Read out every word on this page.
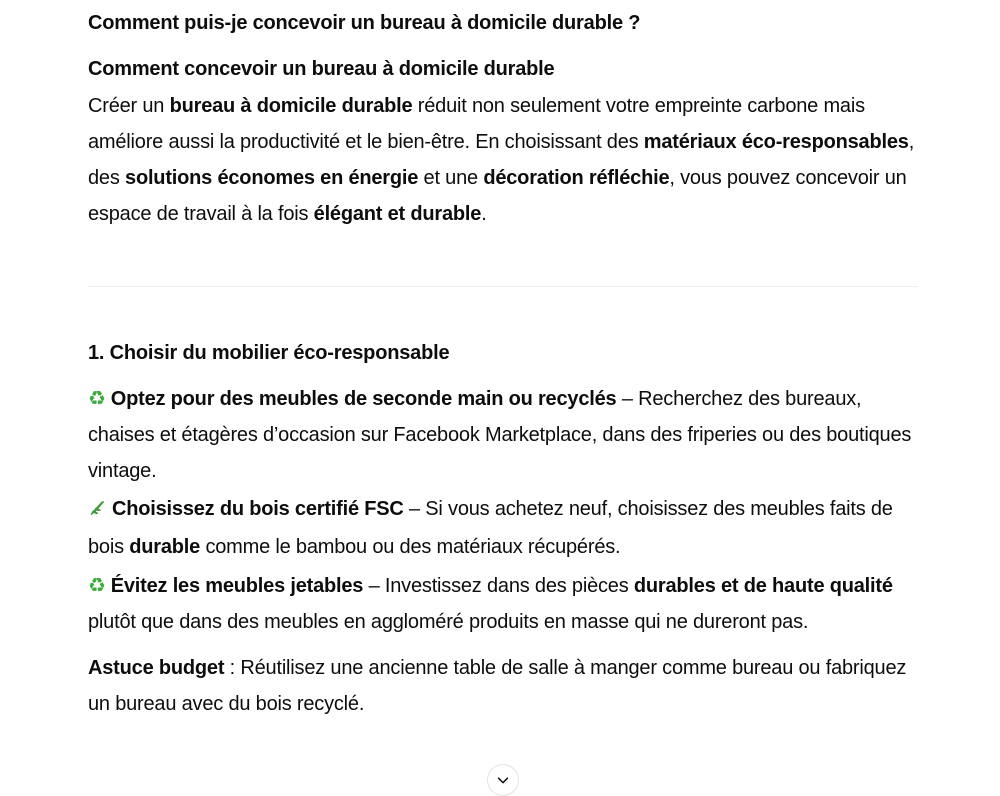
Comment puis-je concevoir un bureau à domicile durable ?
Comment concevoir un bureau à domicile durable

Créer un bureau à domicile durable réduit non seulement votre empreinte carbone mais améliore aussi la productivité et le bien-être. En choisissant des matériaux éco-responsables, des solutions économes en énergie et une décoration réfléchie, vous pouvez concevoir un espace de travail à la fois élégant et durable.

1. Choisir du mobilier éco-responsable

♻ Optez pour des meubles de seconde main ou recyclés – Recherchez des bureaux, chaises et étagères d’occasion sur Facebook Marketplace, dans des friperies ou des boutiques vintage.

Choisissez du bois certifié FSC – Si vous achetez neuf, choisissez des meubles faits de bois durable comme le bambou ou des matériaux récupérés.

♻ Évitez les meubles jetables – Investissez dans des pièces durables et de haute qualité plutôt que dans des meubles en aggloméré produits en masse qui ne dureront pas.

Astuce budget : Réutilisez une ancienne table de salle à manger comme bureau ou fabriquez un bureau avec du bois recyclé.
